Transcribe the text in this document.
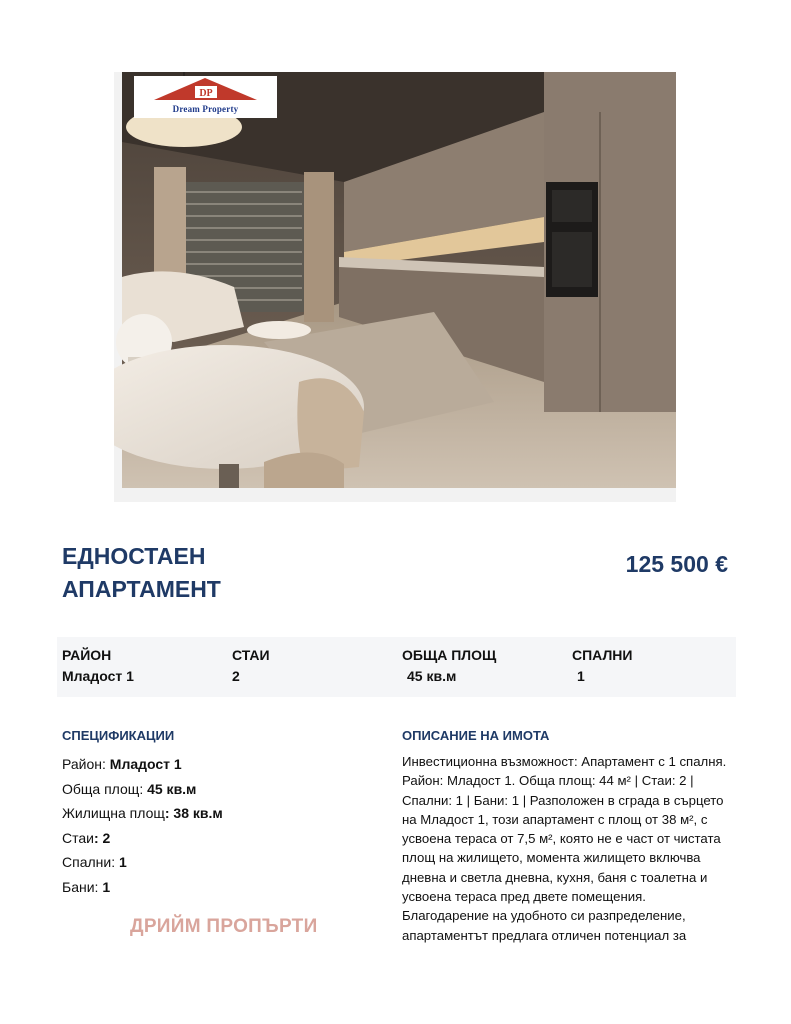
DP
Dream Property
ЕДНОСТАЕН
АПАРТАМЕНТ
125 500 €
РАЙОН
Младост 1
СТАИ
2
ОБЩА ПЛОЩ
45 кв.м
СПАЛНИ
1
СПЕЦИФИКАЦИИ
Район: Младост 1
Обща площ: 45 кв.м
Жилищна площ: 38 кв.м
Стаи: 2
Спални: 1
Бани: 1
ДРИЙМ ПРОПЪРТИ
ОПИСАНИЕ НА ИМОТА
Инвестиционна възможност: Апартамент с 1 спалня. Район: Младост 1. Обща площ: 44 м² | Стаи: 2 | Спални: 1 | Бани: 1 | Разположен в сграда в сърцето на Младост 1, този апартамент с площ от 38 м², с усвоена тераса от 7,5 м², която не е част от чистата площ на жилището, момента жилището включва дневна и светла дневна, кухня, баня с тоалетна и усвоена тераса пред двете помещения. Благодарение на удобното си разпределение, апартаментът предлага отличен потенциал за
